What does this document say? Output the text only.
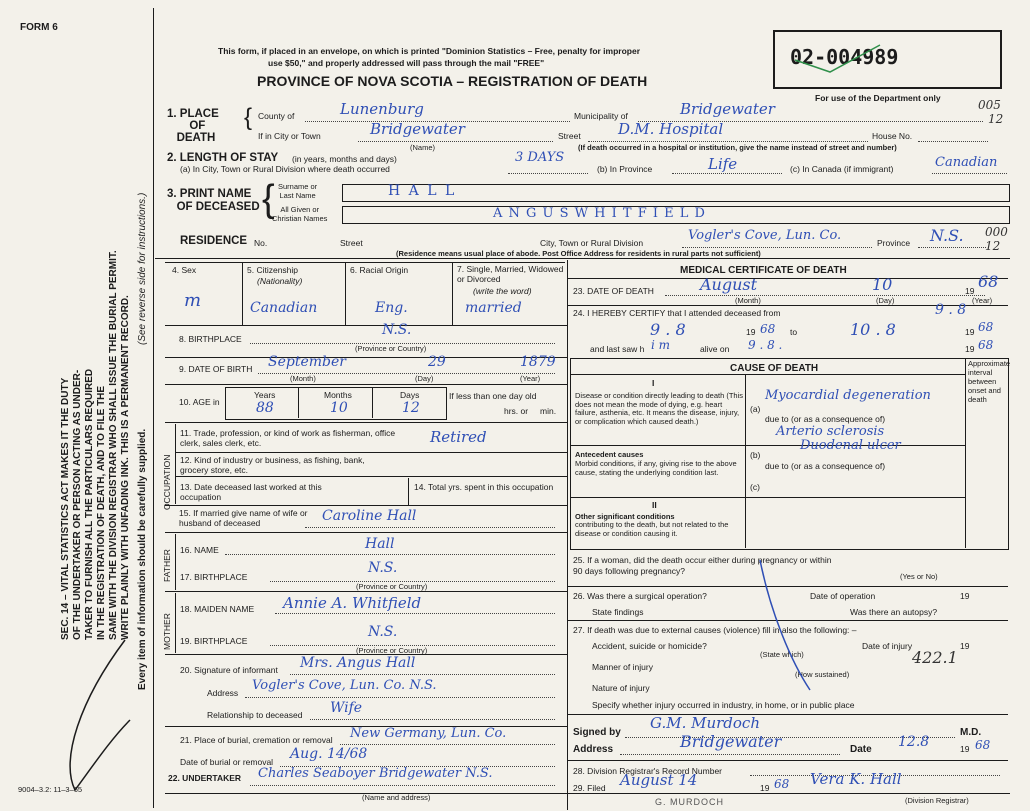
FORM 6
This form, if placed in an envelope, on which is printed "Dominion Statistics – Free, penalty for improper
use $50," and properly addressed will pass through the mail "FREE"
PROVINCE OF NOVA SCOTIA – REGISTRATION OF DEATH
02-004989
For use of the Department only	005
12
000
12
9004–3.2: 11–3–65
SEC. 14 – VITAL STATISTICS ACT MAKES IT THE DUTY OF THE UNDERTAKER OR PERSON ACTING AS UNDER- TAKER TO FURNISH ALL THE PARTICULARS REQUIRED IN THE REGISTRATION OF DEATH, AND TO FILE THE SAME WITH THE DIVISION REGISTRAR WHO SHALL ISSUE THE BURIAL PERMIT. WRITE PLAINLY WITH UNFADING INK. THIS IS A PERMANENT RECORD. Every item of information should be carefully supplied.
(See reverse side for instructions.)
1. PLACE
OF
DEATH
{ County of	Lunenburg	Municipality of	Bridgewater
If in City or Town	Bridgewater
(Name)
Street D.M. Hospital	House No.
(If death occurred in a hospital or institution, give the name instead of street and number)
2. LENGTH OF STAY (in years, months and days)
(a) In City, Town or Rural Division where death occurred
3 DAYS
(b) In Province	Life	(c) In Canada (if immigrant)	Canadian
3. PRINT NAME
OF DECEASED { Surname or
Last Name
All Given or
Christian Names
H A L L
A N G U S W H I T F I E L D
RESIDENCE No.	Street	City, Town or Rural Division	Vogler's Cove, Lun. Co.	Province N.S.
(Residence means usual place of abode. Post Office Address for residents in rural parts not sufficient)
4. Sex
m
5. Citizenship
(Nationality)
Canadian
6. Racial Origin
Eng.
7. Single, Married, Widowed or Divorced
(write the word)
married
8. BIRTHPLACE
N.S.
(Province or Country)
9. DATE OF BIRTH September	29	1879
(Month)	(Day)	(Year)
10. AGE in
Years	Months	Days
88	10	12
If less than one day old
hrs. or min.
OCCUPATION
11. Trade, profession, or kind of work as fisherman, office clerk, sales clerk, etc.	Retired
12. Kind of industry or business, as fishing, bank, grocery store, etc.
13. Date deceased last worked at this occupation
14. Total yrs. spent in this occupation
15. If married give name of wife or husband of deceased	Caroline Hall
FATHER 16. NAME	Hall
17. BIRTHPLACE
N.S.
(Province or Country)
MOTHER
18. MAIDEN NAME Annie A. Whitfield
19. BIRTHPLACE
N.S.
(Province or Country)
20. Signature of informant Mrs. Angus Hall
Address Vogler's Cove, Lun. Co. N.S.
Relationship to deceased Wife
21. Place of burial, cremation or removal New Germany, Lun. Co.
Date of burial or removal Aug. 14/68
22. UNDERTAKER Charles Seaboyer Bridgewater N.S.
(Name and address)
MEDICAL CERTIFICATE OF DEATH
23. DATE OF DEATH	August	10	19 68
(Month)	(Day)	(Year)
24. I HEREBY CERTIFY that I attended deceased from	9 . 8
9 . 8	19 68 to	10 . 8	19 68
and last saw h i m	alive on 9 . 8 .	19 68
CAUSE OF DEATH	Approximate interval between onset and death
I
Disease or condition directly leading to death (This does not mean the mode of dying, e.g. heart failure, asthenia, etc. It means the disease, injury, or complication which caused death.)
(a)
Myocardial degeneration
due to (or as a consequence of)
Arterio sclerosis
Antecedent causes
Morbid conditions, if any, giving rise to the above cause, stating the underlying condition last.
(b)
Duodenal ulcer
due to (or as a consequence of)
(c)
II
Other significant conditions
contributing to the death, but not related to the disease or condition causing it.
25. If a woman, did the death occur either during pregnancy or within 90 days following pregnancy?
(Yes or No)
26. Was there a surgical operation?	Date of operation	19
State findings	Was there an autopsy?
27. If death was due to external causes (violence) fill in also the following: –
Accident, suicide or homicide?
(State which)
Date of injury	19
Manner of injury	422.1
(How sustained)
Nature of injury
Specify whether injury occurred in industry, in home, or in public place
Signed by
G.M. Murdoch
M.D.
Address	Bridgewater	Date 12.8	19 68
28. Division Registrar's Record Number
29. Filed August 14	19 68 Vera K. Hall
(Division Registrar)
G. MURDOCH
